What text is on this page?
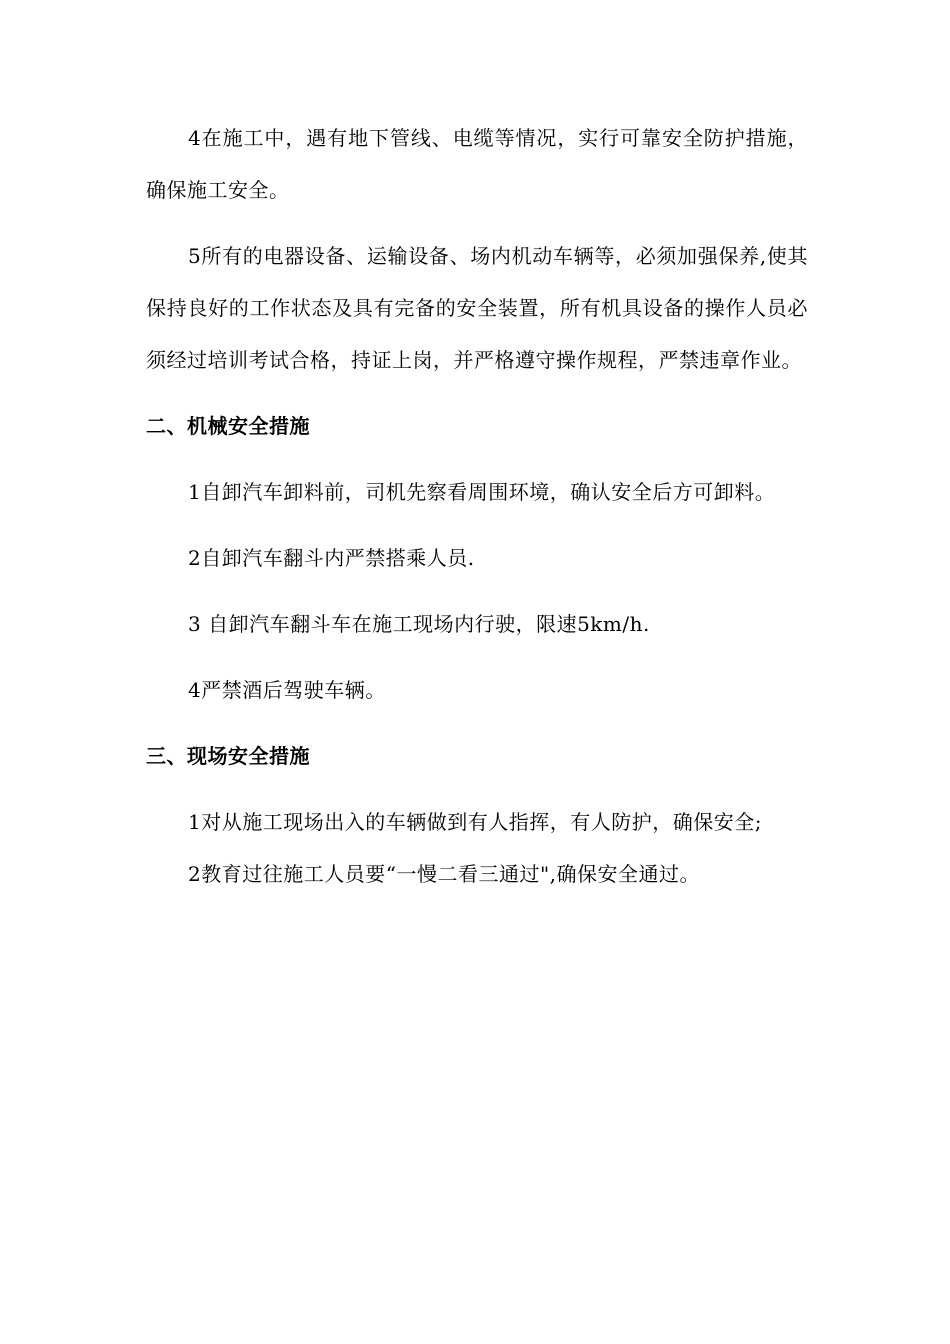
4在施工中，遇有地下管线、电缆等情况，实行可靠安全防护措施，确保施工安全。

5所有的电器设备、运输设备、场内机动车辆等，必须加强保养,使其保持良好的工作状态及具有完备的安全装置，所有机具设备的操作人员必须经过培训考试合格，持证上岗，并严格遵守操作规程，严禁违章作业。

二、机械安全措施

1自卸汽车卸料前，司机先察看周围环境，确认安全后方可卸料。

2自卸汽车翻斗内严禁搭乘人员.

3 自卸汽车翻斗车在施工现场内行驶，限速5km/h.

4严禁酒后驾驶车辆。

三、现场安全措施

1对从施工现场出入的车辆做到有人指挥，有人防护，确保安全;

2教育过往施工人员要“一慢二看三通过",确保安全通过。
